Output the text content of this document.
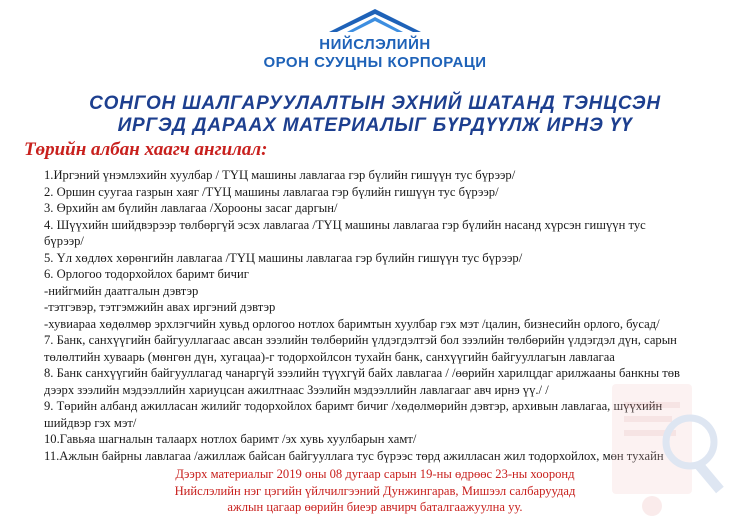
НИЙСЛЭЛИЙН
ОРОН СУУЦНЫ КОРПОРАЦИ
СОНГОН ШАЛГАРУУЛАЛТЫН ЭХНИЙ ШАТАНД ТЭНЦСЭН
ИРГЭД ДАРААХ МАТЕРИАЛЫГ БҮРДҮҮЛЖ ИРНЭ ҮҮ
Төрийн албан хаагч ангилал:
1.Иргэний үнэмлэхийн хуулбар / ТҮЦ машины лавлагаа гэр бүлийн гишүүн тус бүрээр/
2. Оршин суугаа газрын хаяг /ТҮЦ машины лавлагаа гэр бүлийн гишүүн тус бүрээр/
3. Өрхийн ам бүлийн лавлагаа /Хорооны засаг даргын/
4. Шүүхийн шийдвэрээр төлбөргүй эсэх лавлагаа /ТҮЦ машины лавлагаа гэр бүлийн насанд хүрсэн гишүүн тус
бүрээр/
5. Үл хөдлөх хөрөнгийн лавлагаа /ТҮЦ машины лавлагаа гэр бүлийн гишүүн тус бүрээр/
6. Орлогоо тодорхойлох баримт бичиг
-нийгмийн даатгалын дэвтэр
-тэтгэвэр, тэтгэмжийн авах иргэний дэвтэр
-хувиараа хөдөлмөр эрхлэгчийн хувьд орлогоо нотлох баримтын хуулбар гэх мэт /цалин, бизнесийн орлого, бусад/
7. Банк, санхүүгийн байгууллагаас авсан зээлийн төлбөрийн үлдэгдэлтэй бол зээлийн төлбөрийн үлдэгдэл дүн, сарын
төлөлтийн хуваарь (мөнгөн дүн, хугацаа)-г тодорхойлсон тухайн банк, санхүүгийн байгууллагын лавлагаа
8. Банк санхүүгийн байгууллагад чанаргүй зээлийн түүхгүй байх лавлагаа / /өөрийн харилцдаг арилжааны банкны төв
дээрх зээлийн мэдээллийн хариуцсан ажилтнаас Зээлийн мэдээллийн лавлагааг авч ирнэ үү./ /
9. Төрийн албанд ажилласан жилийг тодорхойлох баримт бичиг /хөдөлмөрийн дэвтэр, архивын лавлагаа, шүүхийн
шийдвэр гэх мэт/
10.Гавьяа шагналын талаарх нотлох баримт /эх хувь хуулбарын хамт/
11.Ажлын байрны лавлагаа /ажиллаж байсан байгууллага тус бүрээс төрд ажилласан жил тодорхойлох, мөн тухайн
Дээрх материалыг 2019 оны 08 дугаар сарын 19-ны өдрөөс 23-ны хооронд
Нийслэлийн нэг цэгийн үйлчилгээний Дунжингарав, Мишээл салбаруудад
ажлын цагаар өөрийн биеэр авчирч баталгаажуулна уу.
